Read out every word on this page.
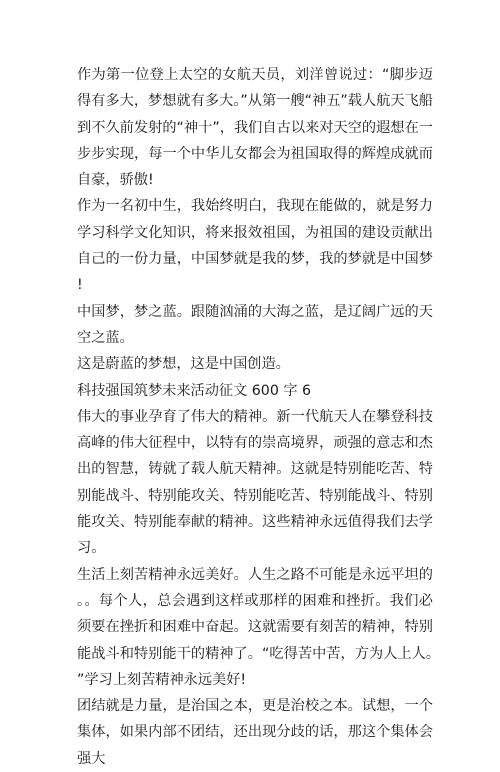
作为第一位登上太空的女航天员，刘洋曾说过：“脚步迈得有多大，梦想就有多大。”从第一艘“神五”载人航天飞船到不久前发射的“神十”，我们自古以来对天空的遐想在一步步实现，每一个中华儿女都会为祖国取得的辉煌成就而自豪，骄傲!

作为一名初中生，我始终明白，我现在能做的，就是努力学习科学文化知识，将来报效祖国，为祖国的建设贡献出自己的一份力量，中国梦就是我的梦，我的梦就是中国梦!

中国梦，梦之蓝。跟随汹涌的大海之蓝，是辽阔广远的天空之蓝。

这是蔚蓝的梦想，这是中国创造。

科技强国筑梦未来活动征文 600 字 6

伟大的事业孕育了伟大的精神。新一代航天人在攀登科技高峰的伟大征程中，以特有的崇高境界，顽强的意志和杰出的智慧，铸就了载人航天精神。这就是特别能吃苦、特别能战斗、特别能攻关、特别能吃苦、特别能战斗、特别能攻关、特别能奉献的精神。这些精神永远值得我们去学习。

生活上刻苦精神永远美好。人生之路不可能是永远平坦的。。每个人，总会遇到这样或那样的困难和挫折。我们必须要在挫折和困难中奋起。这就需要有刻苦的精神，特别能战斗和特别能干的精神了。“吃得苦中苦，方为人上人。”学习上刻苦精神永远美好!

团结就是力量，是治国之本，更是治校之本。试想，一个集体，如果内部不团结，还出现分歧的话，那这个集体会强大
